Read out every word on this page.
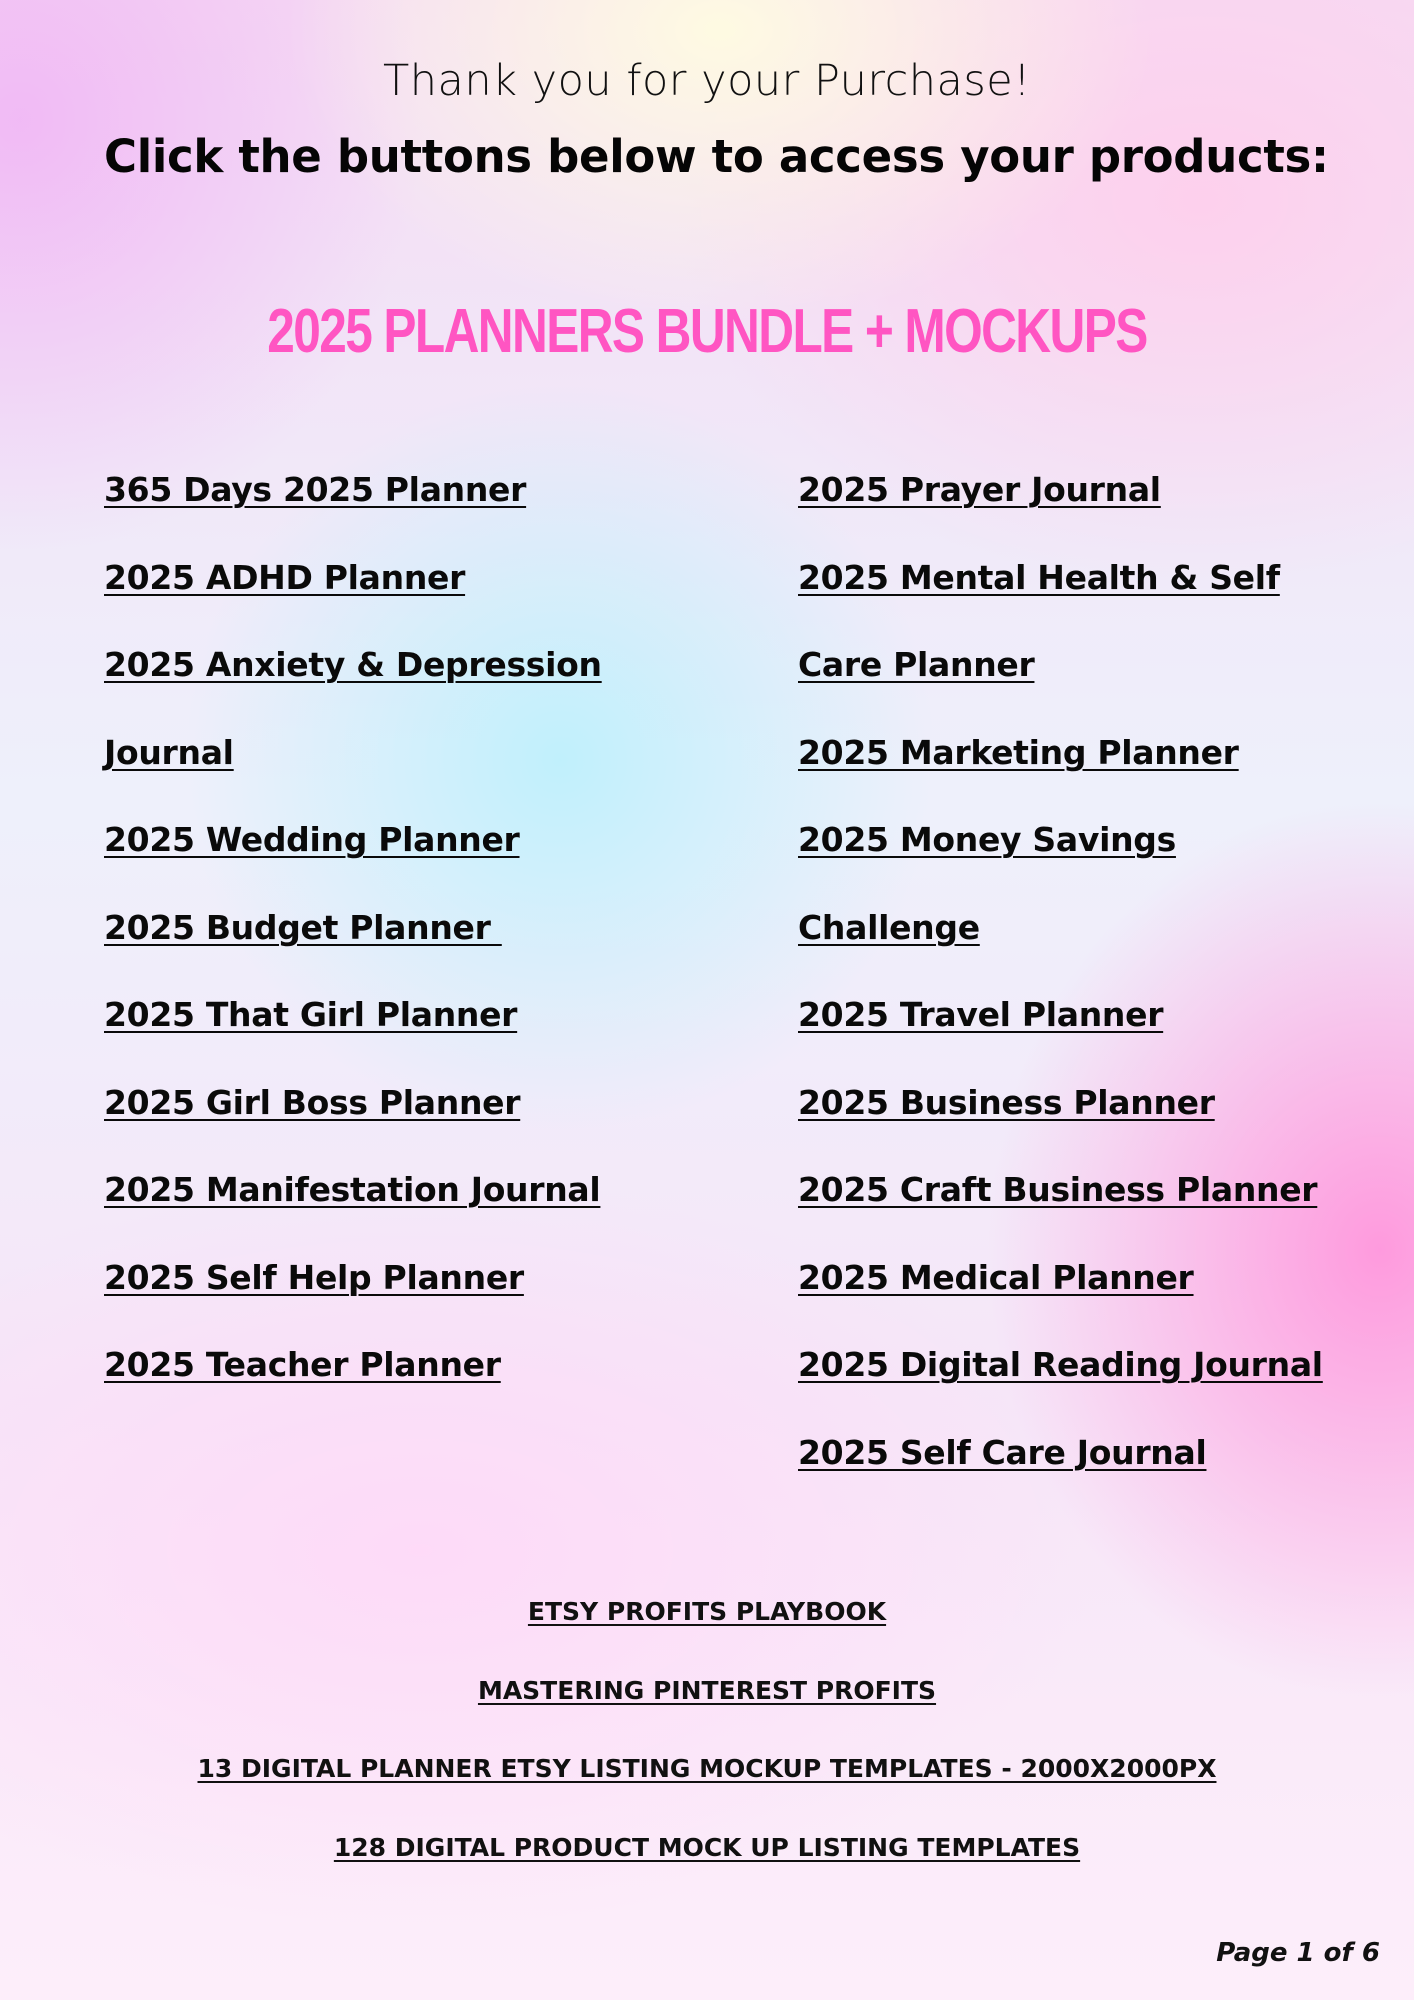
Thank you for your Purchase!
Click the buttons below to access your products:
2025 PLANNERS BUNDLE + MOCKUPS
365 Days 2025 Planner
2025 ADHD Planner
2025 Anxiety & Depression
Journal
2025 Wedding Planner
2025 Budget Planner
2025 That Girl Planner
2025 Girl Boss Planner
2025 Manifestation Journal
2025 Self Help Planner
2025 Teacher Planner
2025 Prayer Journal
2025 Mental Health & Self
Care Planner
2025 Marketing Planner
2025 Money Savings
Challenge
2025 Travel Planner
2025 Business Planner
2025 Craft Business Planner
2025 Medical Planner
2025 Digital Reading Journal
2025 Self Care Journal
ETSY PROFITS PLAYBOOK
MASTERING PINTEREST PROFITS
13 DIGITAL PLANNER ETSY LISTING MOCKUP TEMPLATES - 2000X2000PX
128 DIGITAL PRODUCT MOCK UP LISTING TEMPLATES
Page 1 of 6
